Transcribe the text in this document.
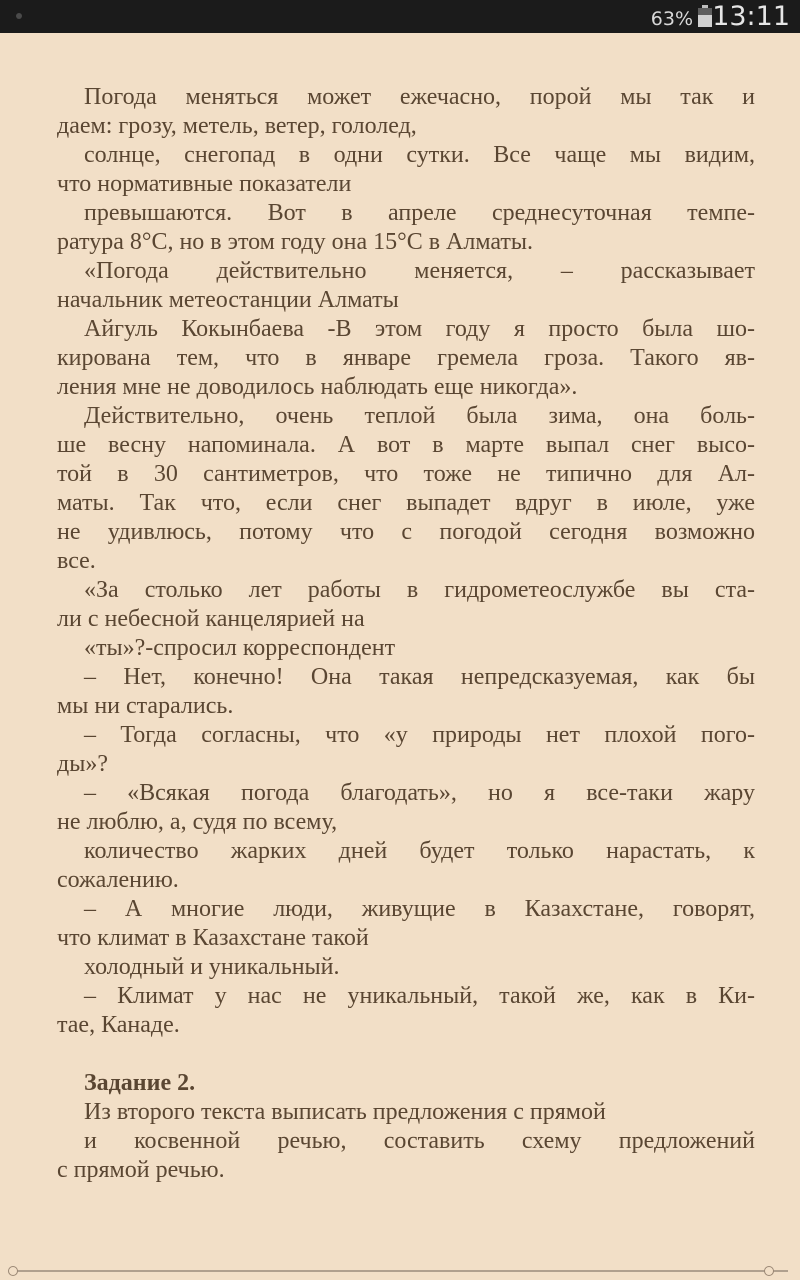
63% 13:11
Погода меняться может ежечасно, порой мы так и
даем: грозу, метель, ветер, гололед,
солнце, снегопад в одни сутки. Все чаще мы видим,
что нормативные показатели
превышаются. Вот в апреле среднесуточная темпе-
ратура 8°С, но в этом году она 15°С в Алматы.
«Погода действительно меняется, – рассказывает
начальник метеостанции Алматы
Айгуль Кокынбаева -В этом году я просто была шо-
кирована тем, что в январе гремела гроза. Такого яв-
ления мне не доводилось наблюдать еще никогда».
Действительно, очень теплой была зима, она боль-
ше весну напоминала. А вот в марте выпал снег высо-
той в 30 сантиметров, что тоже не типично для Ал-
маты. Так что, если снег выпадет вдруг в июле, уже
не удивлюсь, потому что с погодой сегодня возможно
все.
«За столько лет работы в гидрометеослужбе вы ста-
ли с небесной канцелярией на
«ты»?-спросил корреспондент
– Нет, конечно! Она такая непредсказуемая, как бы
мы ни старались.
– Тогда согласны, что «у природы нет плохой пого-
ды»?
– «Всякая погода благодать», но я все-таки жару
не люблю, а, судя по всему,
количество жарких дней будет только нарастать, к
сожалению.
– А многие люди, живущие в Казахстане, говорят,
что климат в Казахстане такой
холодный и уникальный.
– Климат у нас не уникальный, такой же, как в Ки-
тае, Канаде.
Задание 2.
Из второго текста выписать предложения с прямой
и косвенной речью, составить схему предложений
с прямой речью.
